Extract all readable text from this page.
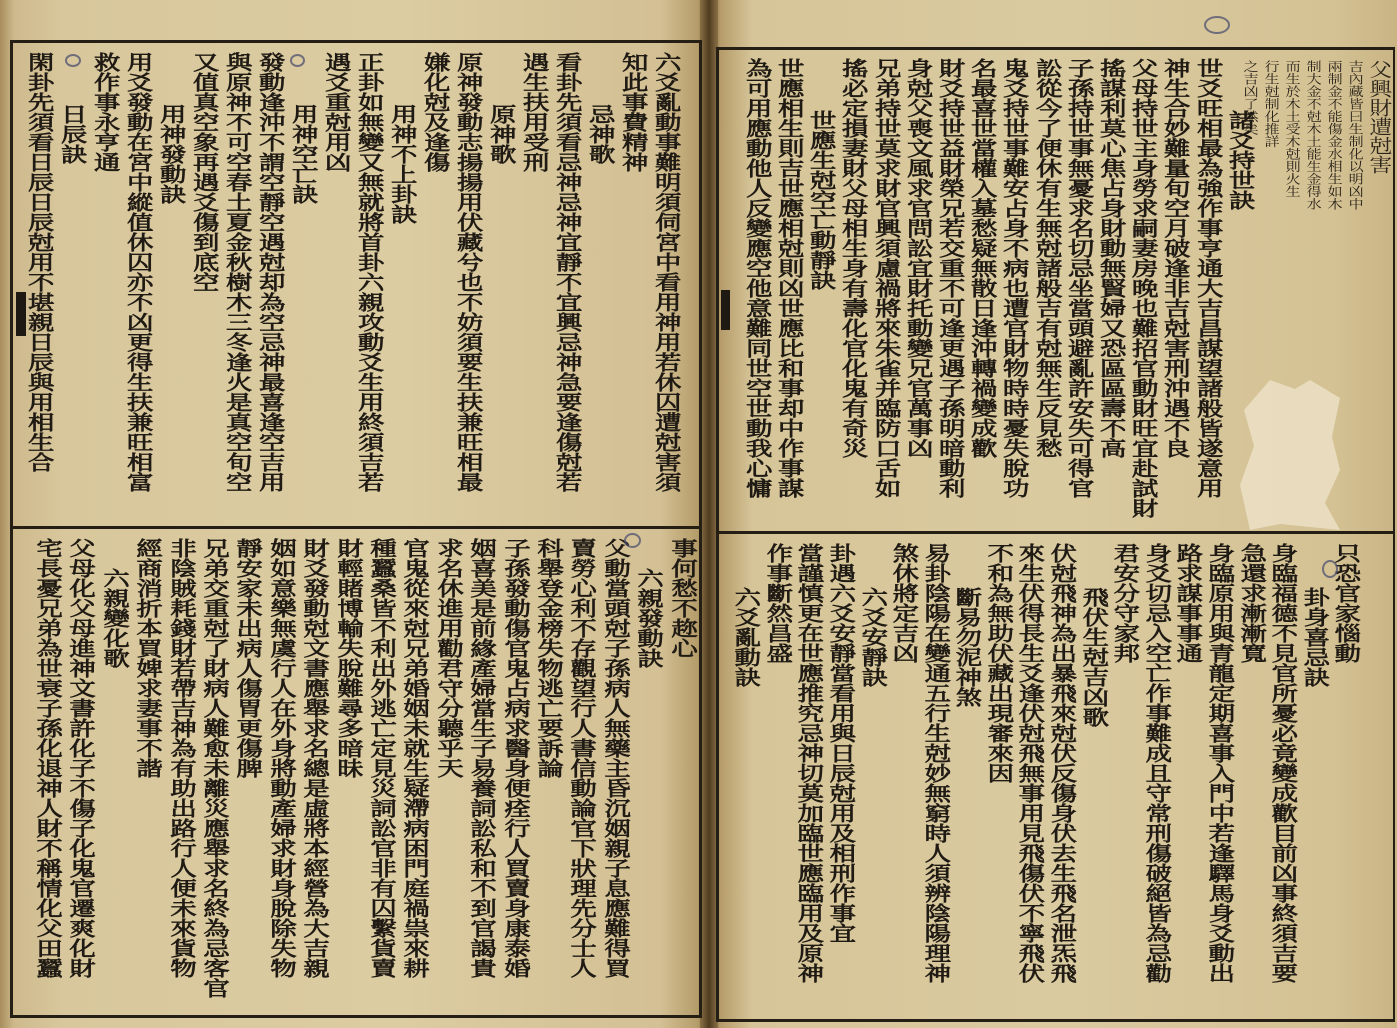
六爻亂動事難明須伺宮中看用神用若休囚遭尅害須
知此事費精神
忌神歌
看卦先須看忌神忌神宜靜不宜興忌神急要逢傷尅若
遇生扶用受刑
原神歌
原神發動志揚揚用伏藏兮也不妨須要生扶兼旺相最
嫌化尅及逢傷
用神不上卦訣
正卦如無變又無就將首卦六親攻動爻生用終須吉若
遇爻重尅用凶
用神空亡訣
發動逢沖不謂空靜空遇尅却為空忌神最喜逢空吉用
與原神不可空春土夏金秋樹木三冬逢火是真空旬空
又值真空象再遇爻傷到底空
用神發動訣
用爻發動在宮中縱值休囚亦不凶更得生扶兼旺相富
救作事永亨通
日辰訣
閑卦先須看日辰日辰尅用不堪親日辰與用相生合
事何愁不趂心
六親發動訣
父動當頭尅子孫病人無藥主昏沉姻親子息應難得買
賣勞心利不存觀望行人書信動論官下狀理先分士人
科舉登金榜失物逃亡要訴論
子孫發動傷官鬼占病求醫身便痊行人買賣身康泰婚
姻喜美是前緣產婦當生子易養詞訟私和不到官謁貴
求名休進用勸君守分聽乎天
官鬼從來尅兄弟婚姻未就生疑滯病困門庭禍祟來耕
種蠶桑皆不利出外逃亡定見災詞訟官非有囚繫貨賣
財輕賭博輸失脫難尋多暗昧
財爻發動尅文書應舉求名總是虛將本經營為大吉親
姻如意樂無虞行人在外身將動產婦求財身脫除失物
靜安家未出病人傷胃更傷脾
兄弟交重尅了財病人難愈未離災應舉求名終為忌客官
非陰賊耗錢財若帶吉神為有助出路行人便未來貨物
經商消折本買婢求妻事不諧
六親變化歌
父母化父母進神文書許化子不傷子化鬼官遷爽化財
宅長憂兄弟為世衰子孫化退神人財不稱情化父田蠶
父興財遭尅害
吉內藏皆曰生制化以明凶中
兩制金不能傷金水相生如木
制大金不尅木土能生金得水
而生於木土受木尅則火生
行生尅制化推詳
之吉凶了然矣
諸爻持世訣
世爻旺相最為強作事亨通大吉昌謀望諸般皆遂意用
神生合妙難量旬空月破逢非吉尅害刑沖遇不良
父母持世主身勞求嗣妻房晚也難招官動財旺宜赴試財
搖謀利莫心焦占身財動無賢婦又恐區區壽不高
子孫持世事無憂求名切忌坐當頭避亂許安失可得官
訟從今了便休有生無尅諸般吉有尅無生反見愁
鬼爻持世事難安占身不病也遭官財物時時憂失脫功
名最喜世當權入墓愁疑無散日逢沖轉禍變成歡
財爻持世益財榮兄若交重不可逢更遇子孫明暗動利
身尅父喪文風求官問訟宜財托動變兄官萬事凶
兄弟持世莫求財官興須慮禍將來朱雀并臨防口舌如
搖必定損妻財父母相生身有壽化官化鬼有奇災
世應生尅空亡動靜訣
世應相生則吉世應相尅則凶世應比和事却中作事謀
為可用應動他人反變應空他意難同世空世動我心慵
只恐官家惱動
卦身喜忌訣
身臨福德不見官所憂必竟變成歡目前凶事終須吉要
急還求漸漸寬
身臨原用與青龍定期喜事入門中若逢驛馬身爻動出
路求謀事事通
身爻切忌入空亡作事難成且守常刑傷破絕皆為忌勸
君安分守家邦
飛伏生尅吉凶歌
伏尅飛神為出暴飛來尅伏反傷身伏去生飛名泄炁飛
來生伏得長生爻逢伏尅飛無事用見飛傷伏不寧飛伏
不和為無助伏藏出現審來因
斷易勿泥神煞
易卦陰陽在變通五行生尅妙無窮時人須辨陰陽理神
煞休將定吉凶
六爻安靜訣
卦遇六爻安靜當看用與日辰尅用及相刑作事宜
當謹慎更在世應推究忌神切莫加臨世應臨用及原神
作事斷然昌盛
六爻亂動訣
